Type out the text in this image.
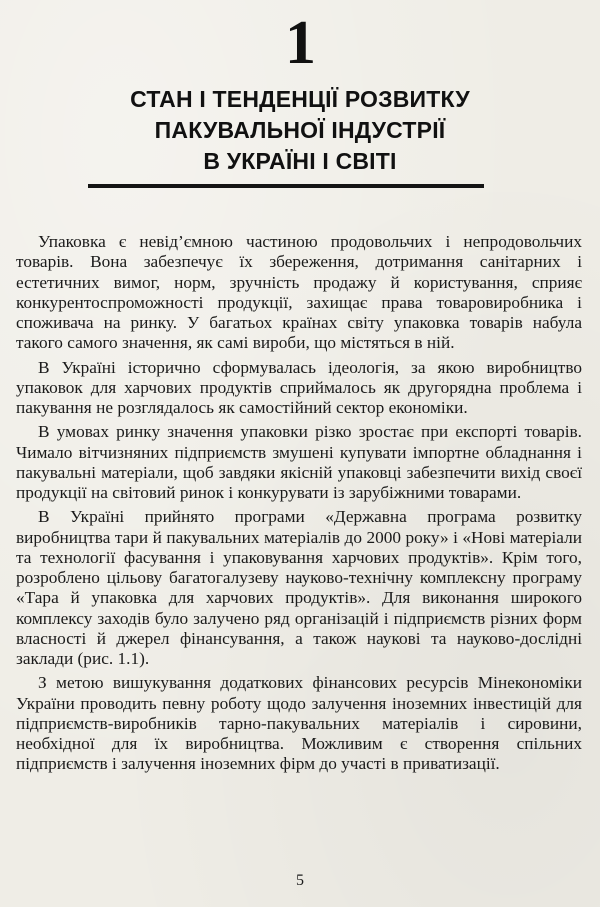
1
СТАН І ТЕНДЕНЦІЇ РОЗВИТКУ
ПАКУВАЛЬНОЇ ІНДУСТРІЇ
В УКРАЇНІ І СВІТІ

Упаковка є невід’ємною частиною продовольчих і непродовольчих товарів. Вона забезпечує їх збереження, дотримання санітарних і естетичних вимог, норм, зручність продажу й користування, сприяє конкурентоспроможності продукції, захищає права товаровиробника і споживача на ринку. У багатьох країнах світу упаковка товарів набула такого самого значення, як самі вироби, що містяться в ній.

В Україні історично сформувалась ідеологія, за якою виробництво упаковок для харчових продуктів сприймалось як другорядна проблема і пакування не розглядалось як самостійний сектор економіки.

В умовах ринку значення упаковки різко зростає при експорті товарів. Чимало вітчизняних підприємств змушені купувати імпортне обладнання і пакувальні матеріали, щоб завдяки якісній упаковці забезпечити вихід своєї продукції на світовий ринок і конкурувати із зарубіжними товарами.

В Україні прийнято програми «Державна програма розвитку виробництва тари й пакувальних матеріалів до 2000 року» і «Нові матеріали та технології фасування і упаковування харчових продуктів». Крім того, розроблено цільову багатогалузеву науково-технічну комплексну програму «Тара й упаковка для харчових продуктів». Для виконання широкого комплексу заходів було залучено ряд організацій і підприємств різних форм власності й джерел фінансування, а також наукові та науково-дослідні заклади (рис. 1.1).

З метою вишукування додаткових фінансових ресурсів Мінекономіки України проводить певну роботу щодо залучення іноземних інвестицій для підприємств-виробників тарно-пакувальних матеріалів і сировини, необхідної для їх виробництва. Можливим є створення спільних підприємств і залучення іноземних фірм до участі в приватизації.

5
